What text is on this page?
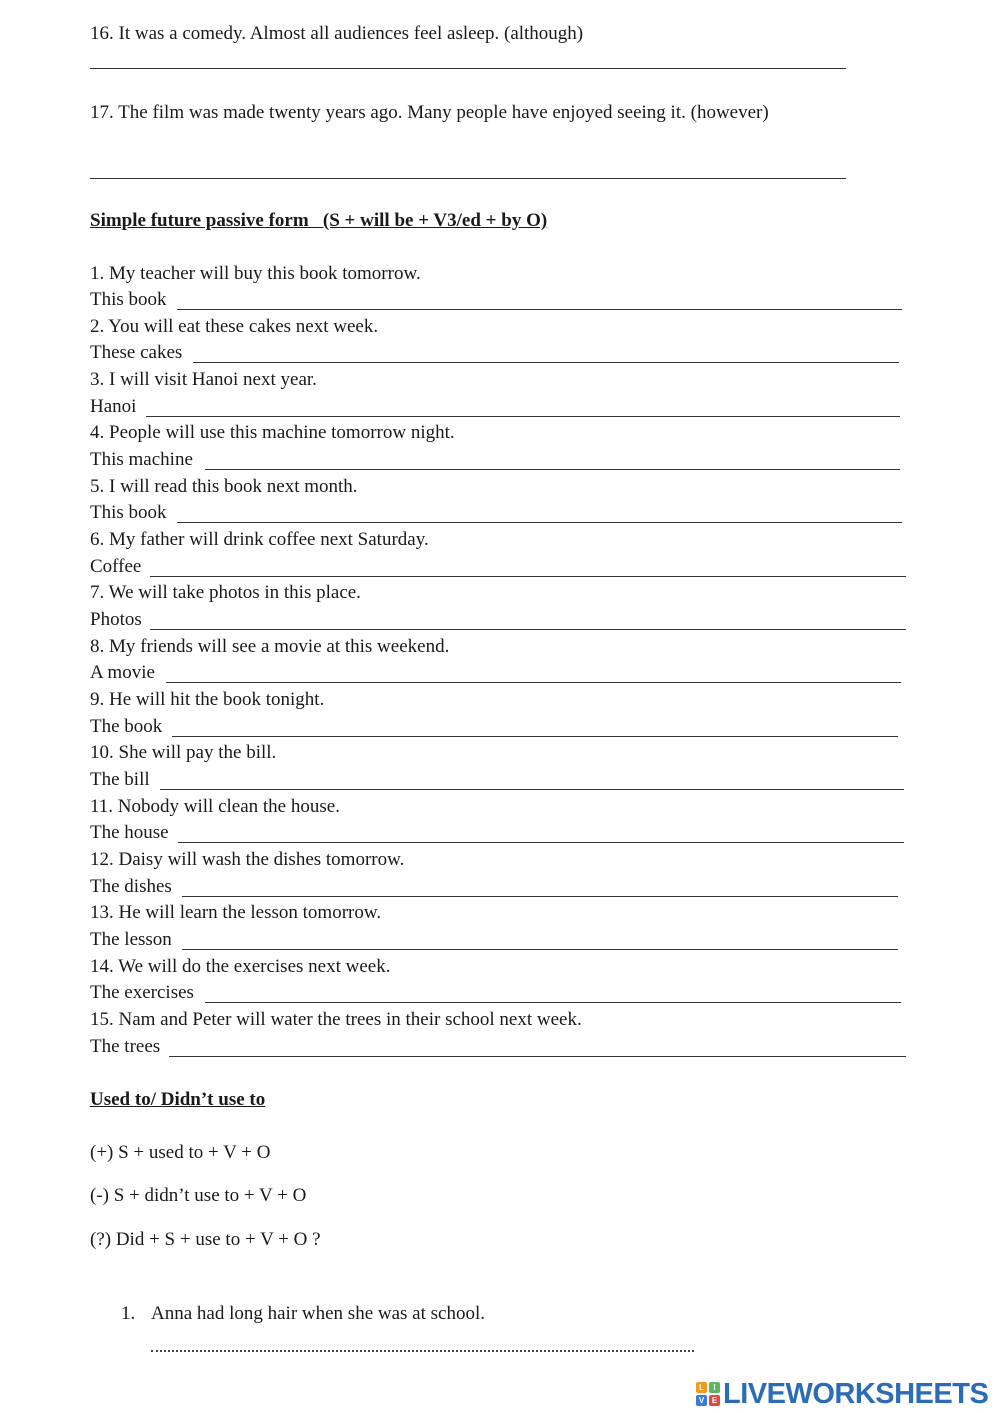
16. It was a comedy. Almost all audiences feel asleep. (although)
17. The film was made twenty years ago. Many people have enjoyed seeing it. (however)
Simple future passive form   (S + will be + V3/ed + by O)
1. My teacher will buy this book tomorrow.
This book
2. You will eat these cakes next week.
These cakes
3. I will visit Hanoi next year.
Hanoi
4. People will use this machine tomorrow night.
This machine
5. I will read this book next month.
This book
6. My father will drink coffee next Saturday.
Coffee
7. We will take photos in this place.
Photos
8. My friends will see a movie at this weekend.
A movie
9. He will hit the book tonight.
The book
10. She will pay the bill.
The bill
11. Nobody will clean the house.
The house
12. Daisy will wash the dishes tomorrow.
The dishes
13. He will learn the lesson tomorrow.
The lesson
14. We will do the exercises next week.
The exercises
15. Nam and Peter will water the trees in their school next week.
The trees
Used to/ Didn’t use to
(+) S + used to + V + O
(-) S + didn’t use to + V + O
(?) Did + S + use to + V + O ?
1. Anna had long hair when she was at school.
L	I
V E LIVEWORKSHEETS
